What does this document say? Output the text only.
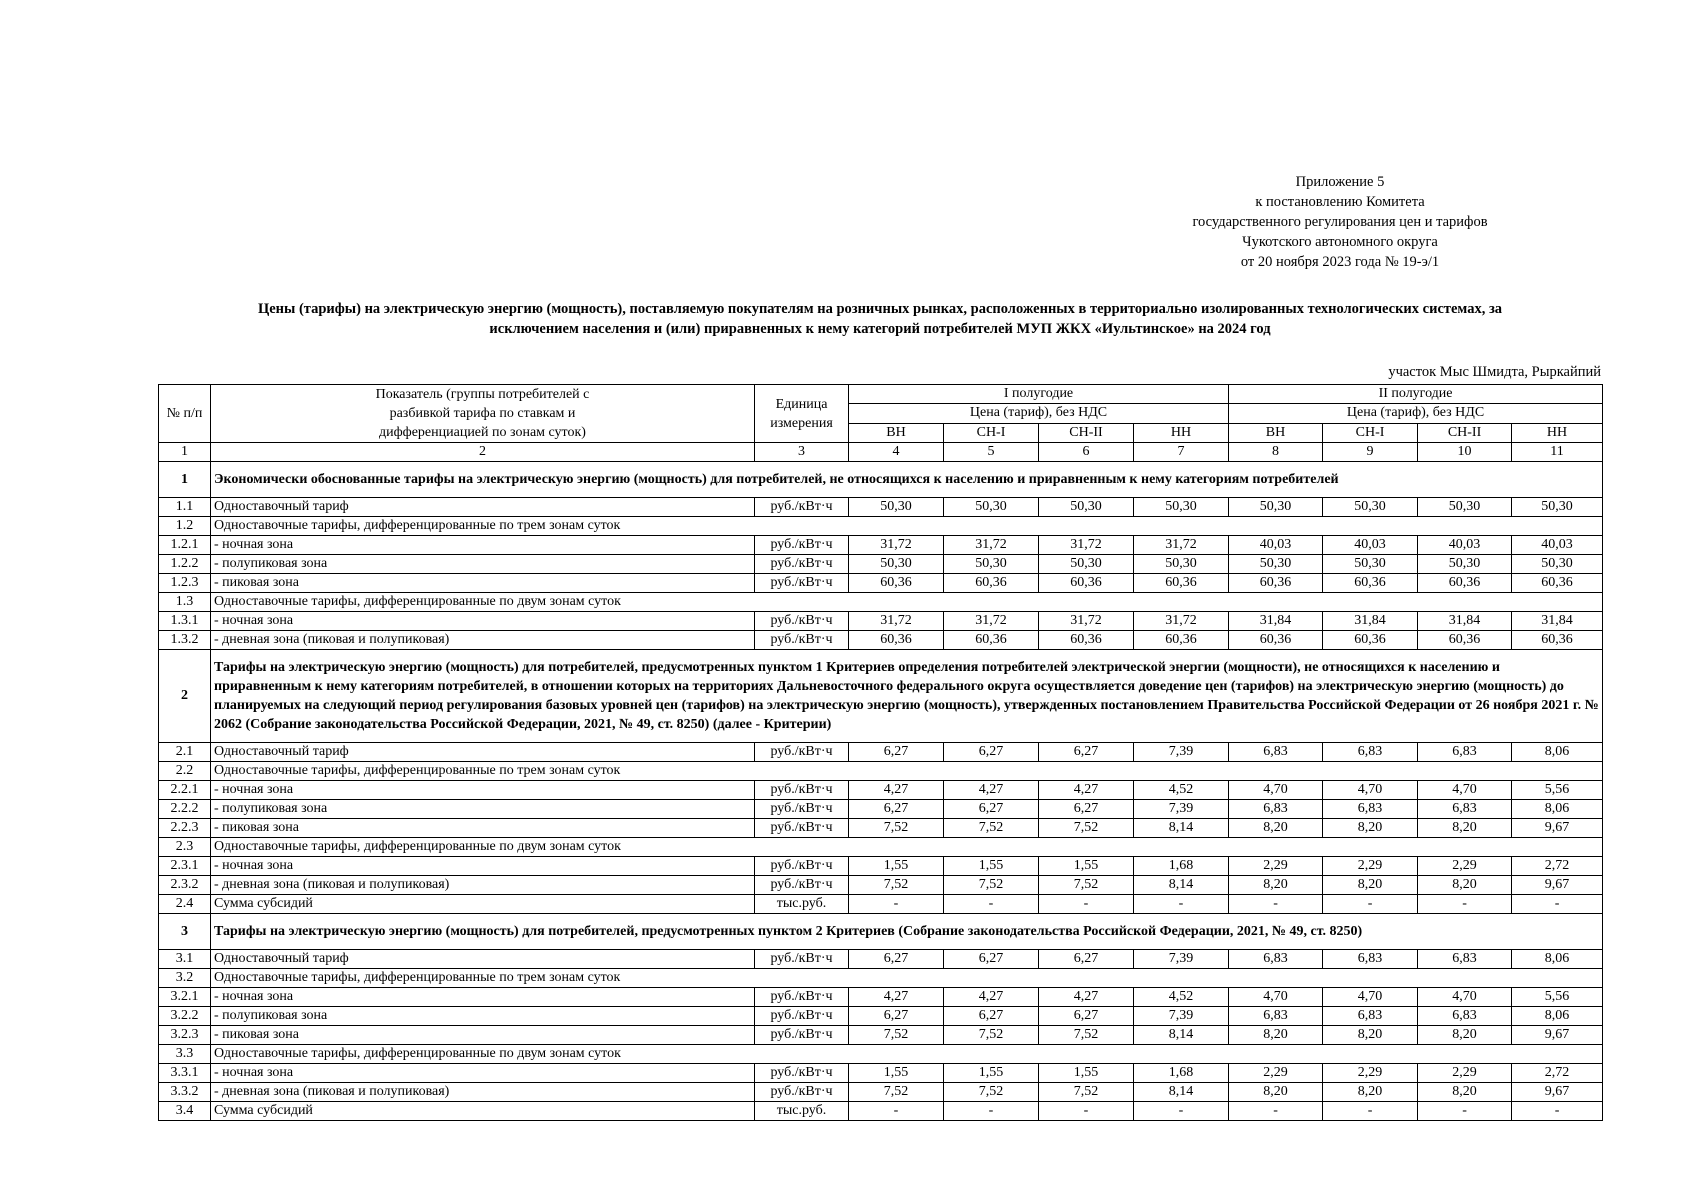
Приложение 5
к постановлению Комитета
государственного регулирования цен и тарифов
Чукотского автономного округа
от 20 ноября 2023 года № 19-э/1
Цены (тарифы) на электрическую энергию (мощность), поставляемую покупателям на розничных рынках, расположенных в территориально изолированных технологических системах, за
исключением населения и (или) приравненных к нему категорий потребителей МУП ЖКХ «Иультинское» на 2024 год
участок Мыс Шмидта, Рыркайпий
№ п/п	Показатель (группы потребителей с разбивкой тарифа по ставкам и дифференциацией по зонам суток)	Единица измерения	I полугодие				II полугодие			
			Цена (тариф), без НДС				Цена (тариф), без НДС			
			ВН	СН-I	СН-II	НН	ВН	СН-I	СН-II	НН
1	2	3	4	5	6	7	8	9	10	11
1	Экономически обоснованные тарифы на электрическую энергию (мощность) для потребителей, не относящихся к населению и приравненным к нему категориям потребителей									
1.1	Одноставочный тариф	руб./кВт·ч	50,30	50,30	50,30	50,30	50,30	50,30	50,30	50,30
1.2	Одноставочные тарифы, дифференцированные по трем зонам суток									
1.2.1	- ночная зона	руб./кВт·ч	31,72	31,72	31,72	31,72	40,03	40,03	40,03	40,03
1.2.2	- полупиковая зона	руб./кВт·ч	50,30	50,30	50,30	50,30	50,30	50,30	50,30	50,30
1.2.3	- пиковая зона	руб./кВт·ч	60,36	60,36	60,36	60,36	60,36	60,36	60,36	60,36
1.3	Одноставочные тарифы, дифференцированные по двум зонам суток									
1.3.1	- ночная зона	руб./кВт·ч	31,72	31,72	31,72	31,72	31,84	31,84	31,84	31,84
1.3.2	- дневная зона (пиковая и полупиковая)	руб./кВт·ч	60,36	60,36	60,36	60,36	60,36	60,36	60,36	60,36
2	Тарифы на электрическую энергию (мощность) для потребителей, предусмотренных пунктом 1 Критериев определения потребителей электрической энергии (мощности), не относящихся к населению и приравненным к нему категориям потребителей, в отношении которых на территориях Дальневосточного федерального округа осуществляется доведение цен (тарифов) на электрическую энергию (мощность) до планируемых на следующий период регулирования базовых уровней цен (тарифов) на электрическую энергию (мощность), утвержденных постановлением Правительства Российской Федерации от 26 ноября 2021 г. № 2062 (Собрание законодательства Российской Федерации, 2021, № 49, ст. 8250) (далее - Критерии)									
2.1	Одноставочный тариф	руб./кВт·ч	6,27	6,27	6,27	7,39	6,83	6,83	6,83	8,06
2.2	Одноставочные тарифы, дифференцированные по трем зонам суток									
2.2.1	- ночная зона	руб./кВт·ч	4,27	4,27	4,27	4,52	4,70	4,70	4,70	5,56
2.2.2	- полупиковая зона	руб./кВт·ч	6,27	6,27	6,27	7,39	6,83	6,83	6,83	8,06
2.2.3	- пиковая зона	руб./кВт·ч	7,52	7,52	7,52	8,14	8,20	8,20	8,20	9,67
2.3	Одноставочные тарифы, дифференцированные по двум зонам суток									
2.3.1	- ночная зона	руб./кВт·ч	1,55	1,55	1,55	1,68	2,29	2,29	2,29	2,72
2.3.2	- дневная зона (пиковая и полупиковая)	руб./кВт·ч	7,52	7,52	7,52	8,14	8,20	8,20	8,20	9,67
2.4	Сумма субсидий	тыс.руб.	-	-	-	-	-	-	-	-
3	Тарифы на электрическую энергию (мощность) для потребителей, предусмотренных пунктом 2 Критериев (Собрание законодательства Российской Федерации, 2021, № 49, ст. 8250)									
3.1	Одноставочный тариф	руб./кВт·ч	6,27	6,27	6,27	7,39	6,83	6,83	6,83	8,06
3.2	Одноставочные тарифы, дифференцированные по трем зонам суток									
3.2.1	- ночная зона	руб./кВт·ч	4,27	4,27	4,27	4,52	4,70	4,70	4,70	5,56
3.2.2	- полупиковая зона	руб./кВт·ч	6,27	6,27	6,27	7,39	6,83	6,83	6,83	8,06
3.2.3	- пиковая зона	руб./кВт·ч	7,52	7,52	7,52	8,14	8,20	8,20	8,20	9,67
3.3	Одноставочные тарифы, дифференцированные по двум зонам суток									
3.3.1	- ночная зона	руб./кВт·ч	1,55	1,55	1,55	1,68	2,29	2,29	2,29	2,72
3.3.2	- дневная зона (пиковая и полупиковая)	руб./кВт·ч	7,52	7,52	7,52	8,14	8,20	8,20	8,20	9,67
3.4	Сумма субсидий	тыс.руб.	-	-	-	-	-	-	-	-
